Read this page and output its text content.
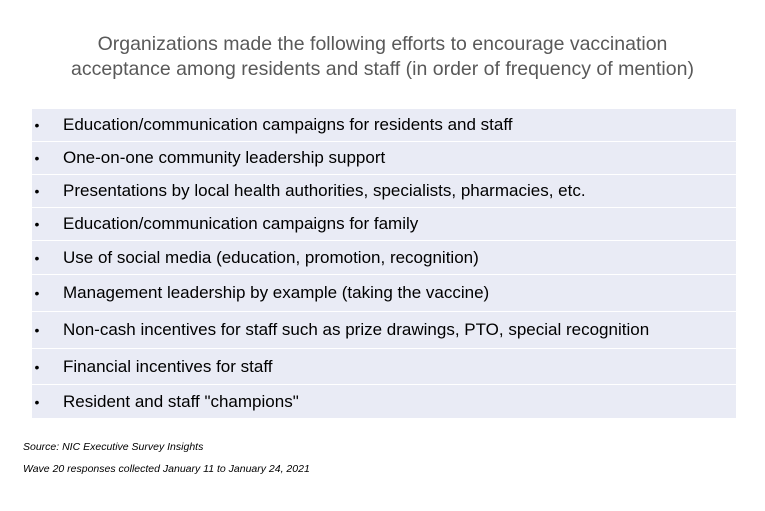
Organizations made the following efforts to encourage vaccination
acceptance among residents and staff (in order of frequency of mention)
• Education/communication campaigns for residents and staff
• One-on-one community leadership support
• Presentations by local health authorities, specialists, pharmacies, etc.
• Education/communication campaigns for family
• Use of social media (education, promotion, recognition)
• Management leadership by example (taking the vaccine)
• Non-cash incentives for staff such as prize drawings, PTO, special recognition
• Financial incentives for staff
• Resident and staff "champions"

Source: NIC Executive Survey Insights

Wave 20 responses collected January 11 to January 24, 2021
